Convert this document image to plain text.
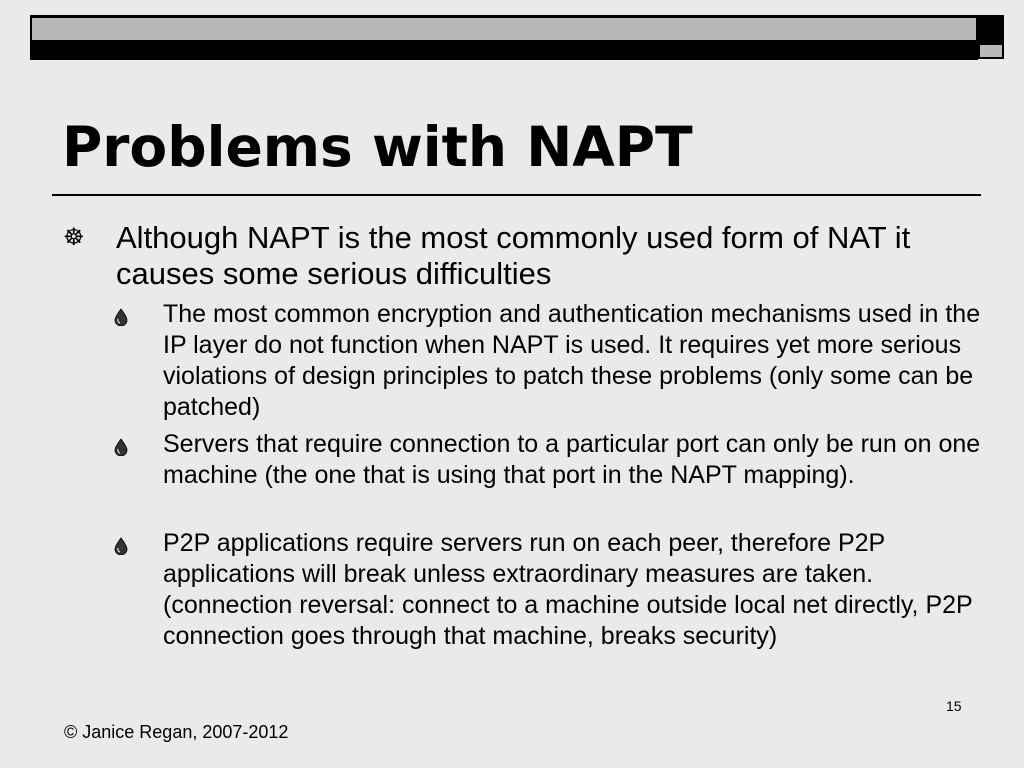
Problems with NAPT
☸ Although NAPT is the most commonly used form of NAT it causes some serious difficulties
The most common encryption and authentication mechanisms used in the IP layer do not function when NAPT is used. It requires yet more serious violations of design principles to patch these problems (only some can be patched)
Servers that require connection to a particular port can only be run on one machine (the one that is using that port in the NAPT mapping).
P2P applications require servers run on each peer, therefore P2P applications will break unless extraordinary measures are taken. (connection reversal: connect to a machine outside local net directly, P2P connection goes through that machine, breaks security)
15
© Janice Regan, 2007-2012
